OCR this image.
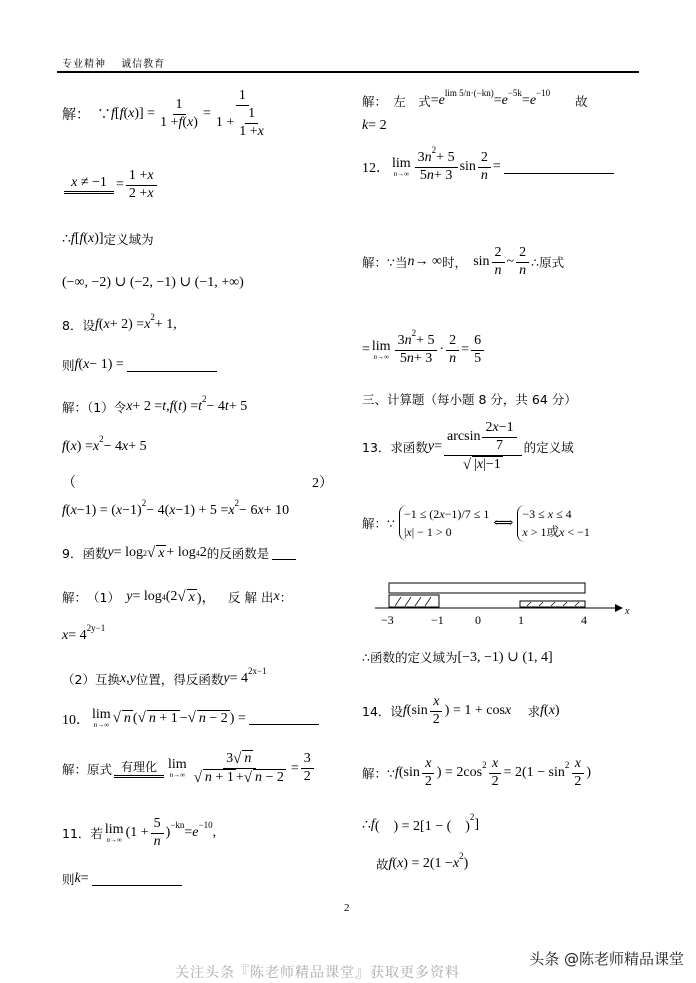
专业精神　 诚信教育
解：　∵ f [ f ( x )] = $\frac{1}{1 + f ( x )} = \frac{1}{1 + \frac{1}{1 + x}}$
$x \ne -1 = \frac{1 + x}{2 + x}$
∴ f [ f ( x )] 定义域为
(−∞, −2) ∪ (−2, −1) ∪ (−1, +∞)
8．设 f ( x + 2) = x 2 + 1,
则 f ( x − 1) =
解：（1）令 x + 2 = t , f ( t ) = t 2 − 4 t + 5
f ( x ) = x 2 − 4 x + 5
（	2）
f ( x −1) = ( x −1) 2 − 4( x −1) + 5 = x 2 − 6 x + 10
9．函数 y = log 2 √ x + log 4 2 的反函数是
解：　（1）　 y = log 4 (2 √ x )， 　反 解 出 x ：
x = 4 2y−1
（2）互换 x , y 位置，得反函数 y = 4 2x−1
10． lim
n→∞ √ n ( √ n + 1 − √ n − 2 ) =
解：原式 有理化 lim
$n\to\infty \frac{3 √ n}{√ n + 1 + √ n - 2} = \frac{3}{2}$
11．若 lim
n→∞ ($1 + \frac{5}{n}$ ) −kn = e −10 ,
则 k =
解：　左　式 = e lim 5/n·(−kn) = e −5k = e −10
　　故
k = 2
12． lim
$n\to\infty \frac{3 n 2 + 5}{5 n + 3}$ $\sin \frac{2}{n}$ =
解：∵当 n → ∞ 时，　 $\sin \frac{2}{n}$ ~ $\frac{2}{n}$ ∴原式
= lim
$n\to\infty \frac{3 n 2 + 5}{5 n + 3} \cdot \frac{2}{n} = \frac{6}{5}$
三、计算题（每小题 8 分，共 64 分）
13．求函数 $y = \frac{\arcsin \frac{2 x -1}{7}}{√ |x|-1}$ 的定义域
解：∵
−1 ≤ (2x−1)/7 ≤ 1
|x| − 1 > 0
⟺
−3 ≤ x ≤ 4
x > 1或x < −1
−3	−1	0	1	4
x
∴函数的定义域为 [−3, −1) ∪ (1, 4]
14．设 f ($\sin \frac{x}{2}$ ) = 1 + cos x 　 求 f ( x )
解：∵ f ($\sin \frac{x}{2}$ ) = 2cos $2 \frac{x}{2} = 2(1 - \sin 2 \frac{x}{2}$ )
∴ f (　) = 2[1 − (　)
2 ]
故 f ( x ) = 2(1 − x 2 )
2
头条 @陈老师精品课堂
关注头条『陈老师精品课堂』获取更多资料
